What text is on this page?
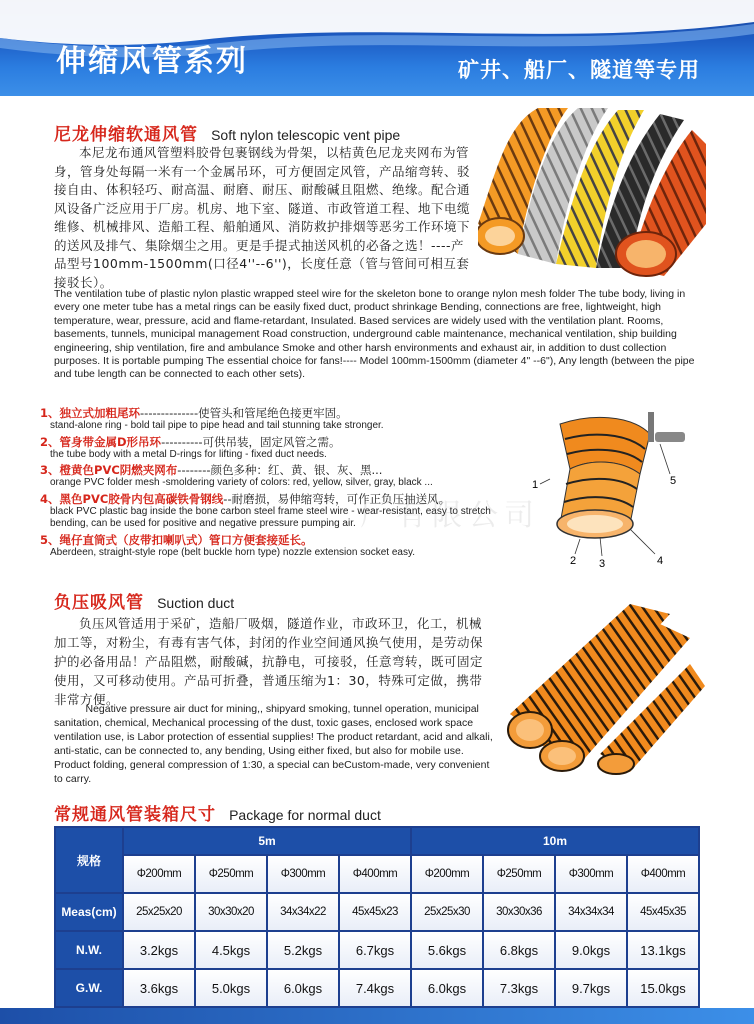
伸缩风管系列	矿井、船厂、隧道等专用
尼龙伸缩软通风管 Soft nylon telescopic vent pipe
本尼龙布通风管塑料胶骨包裹钢线为骨架，以桔黄色尼龙夹网布为管身，管身处每隔一米有一个金属吊环，可方便固定风管，产品缩弯转、驳接自由、体积轻巧、耐高温、耐磨、耐压、耐酸碱且阻燃、绝缘。配合通风设备广泛应用于厂房。机房、地下室、隧道、市政管道工程、地下电缆维修、机械排风、造船工程、船舶通风、消防救护排烟等恶劣工作环境下的送风及排气、集除烟尘之用。更是手提式抽送风机的必备之选！----产品型号100mm-1500mm(口径4''--6'')，长度任意（管与管间可相互套接驳长）。
The ventilation tube of plastic nylon plastic wrapped steel wire for the skeleton bone to orange nylon mesh folder The tube body, living in every one meter tube has a metal rings can be easily fixed duct, product shrinkage Bending, connections are free, lightweight, high temperature, wear, pressure, acid and flame-retardant, Insulated. Based services are widely used with the ventilation plant. Rooms, basements, tunnels, municipal management Road construction, underground cable maintenance, mechanical ventilation, ship building engineering, ship ventilation, fire and ambulance Smoke and other harsh environments and exhaust air, in addition to dust collection purposes. It is portable pumping The essential choice for fans!---- Model 100mm-1500mm (diameter 4" --6"), Any length (between the pipe and tube length can be connected to each other sets).
1、独立式加粗尾环--------------使管头和管尾绝色接更牢固。
stand-alone ring - bold tail pipe to pipe head and tail stunning take stronger.
2、管身带金属D形吊环----------可供吊装，固定风管之需。
the tube body with a metal D-rings for lifting - fixed duct needs.
3、橙黄色PVC阴燃夹网布--------颜色多种：红、黄、银、灰、黑...
orange PVC folder mesh -smoldering variety of colors: red, yellow, silver, gray, black ...
4、黑色PVC胶骨内包高碳铁骨钢线--耐磨损，易伸缩弯转，可作正负压抽送风。
black PVC plastic bag inside the bone carbon steel frame steel wire - wear-resistant, easy to stretch bending, can be used for positive and negative pressure pumping air.
5、绳仔直筒式（皮带扣喇叭式）管口方便套接延长。
Aberdeen, straight-style rope (belt buckle horn type) nozzle extension socket easy.
1
2 3	4
5
厂有限公司
负压吸风管 Suction duct
负压风管适用于采矿，造船厂吸烟，隧道作业，市政环卫，化工，机械加工等，对粉尘，有毒有害气体，封闭的作业空间通风换气使用，是劳动保护的必备用品！产品阻燃，耐酸碱，抗静电，可接驳，任意弯转，既可固定使用，又可移动使用。产品可折叠，普通压缩为1：30，特殊可定做，携带非常方便。
Negative pressure air duct for mining,, shipyard smoking, tunnel operation, municipal sanitation, chemical, Mechanical processing of the dust, toxic gases, enclosed work space ventilation use, is Labor protection of essential supplies! The product retardant, acid and alkali, anti-static, can be connected to, any bending, Using either fixed, but also for mobile use. Product folding, general compression of 1:30, a special can beCustom-made, very convenient to carry.
常规通风管装箱尺寸 Package for normal duct
规格	5m				10m			
	Φ200mm	Φ250mm	Φ300mm	Φ400mm	Φ200mm	Φ250mm	Φ300mm	Φ400mm
Meas(cm)	25x25x20	30x30x20	34x34x22	45x45x23	25x25x30	30x30x36	34x34x34	45x45x35
N.W.	3.2kgs	4.5kgs	5.2kgs	6.7kgs	5.6kgs	6.8kgs	9.0kgs	13.1kgs
G.W.	3.6kgs	5.0kgs	6.0kgs	7.4kgs	6.0kgs	7.3kgs	9.7kgs	15.0kgs
